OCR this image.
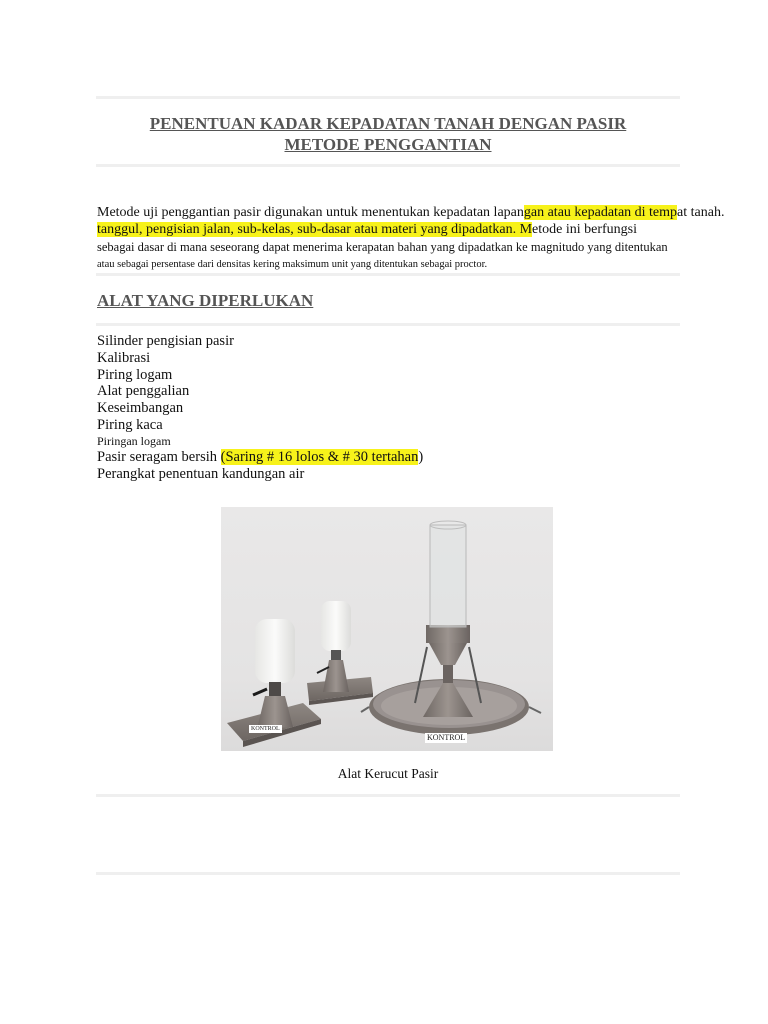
PENENTUAN KADAR KEPADATAN TANAH DENGAN PASIR
METODE PENGGANTIAN
Metode uji penggantian pasir digunakan untuk menentukan kepadatan lapangan atau kepadatan di tempat tanah.
tanggul, pengisian jalan, sub-kelas, sub-dasar atau materi yang dipadatkan. Metode ini berfungsi
sebagai dasar di mana seseorang dapat menerima kerapatan bahan yang dipadatkan ke magnitudo yang ditentukan
atau sebagai persentase dari densitas kering maksimum unit yang ditentukan sebagai proctor.
ALAT YANG DIPERLUKAN
Silinder pengisian pasir
Kalibrasi
Piring logam
Alat penggalian
Keseimbangan
Piring kaca
Piringan logam
Pasir seragam bersih (Saring # 16 lolos & # 30 tertahan)
Perangkat penentuan kandungan air
KONTROL
KONTROL
Alat Kerucut Pasir
